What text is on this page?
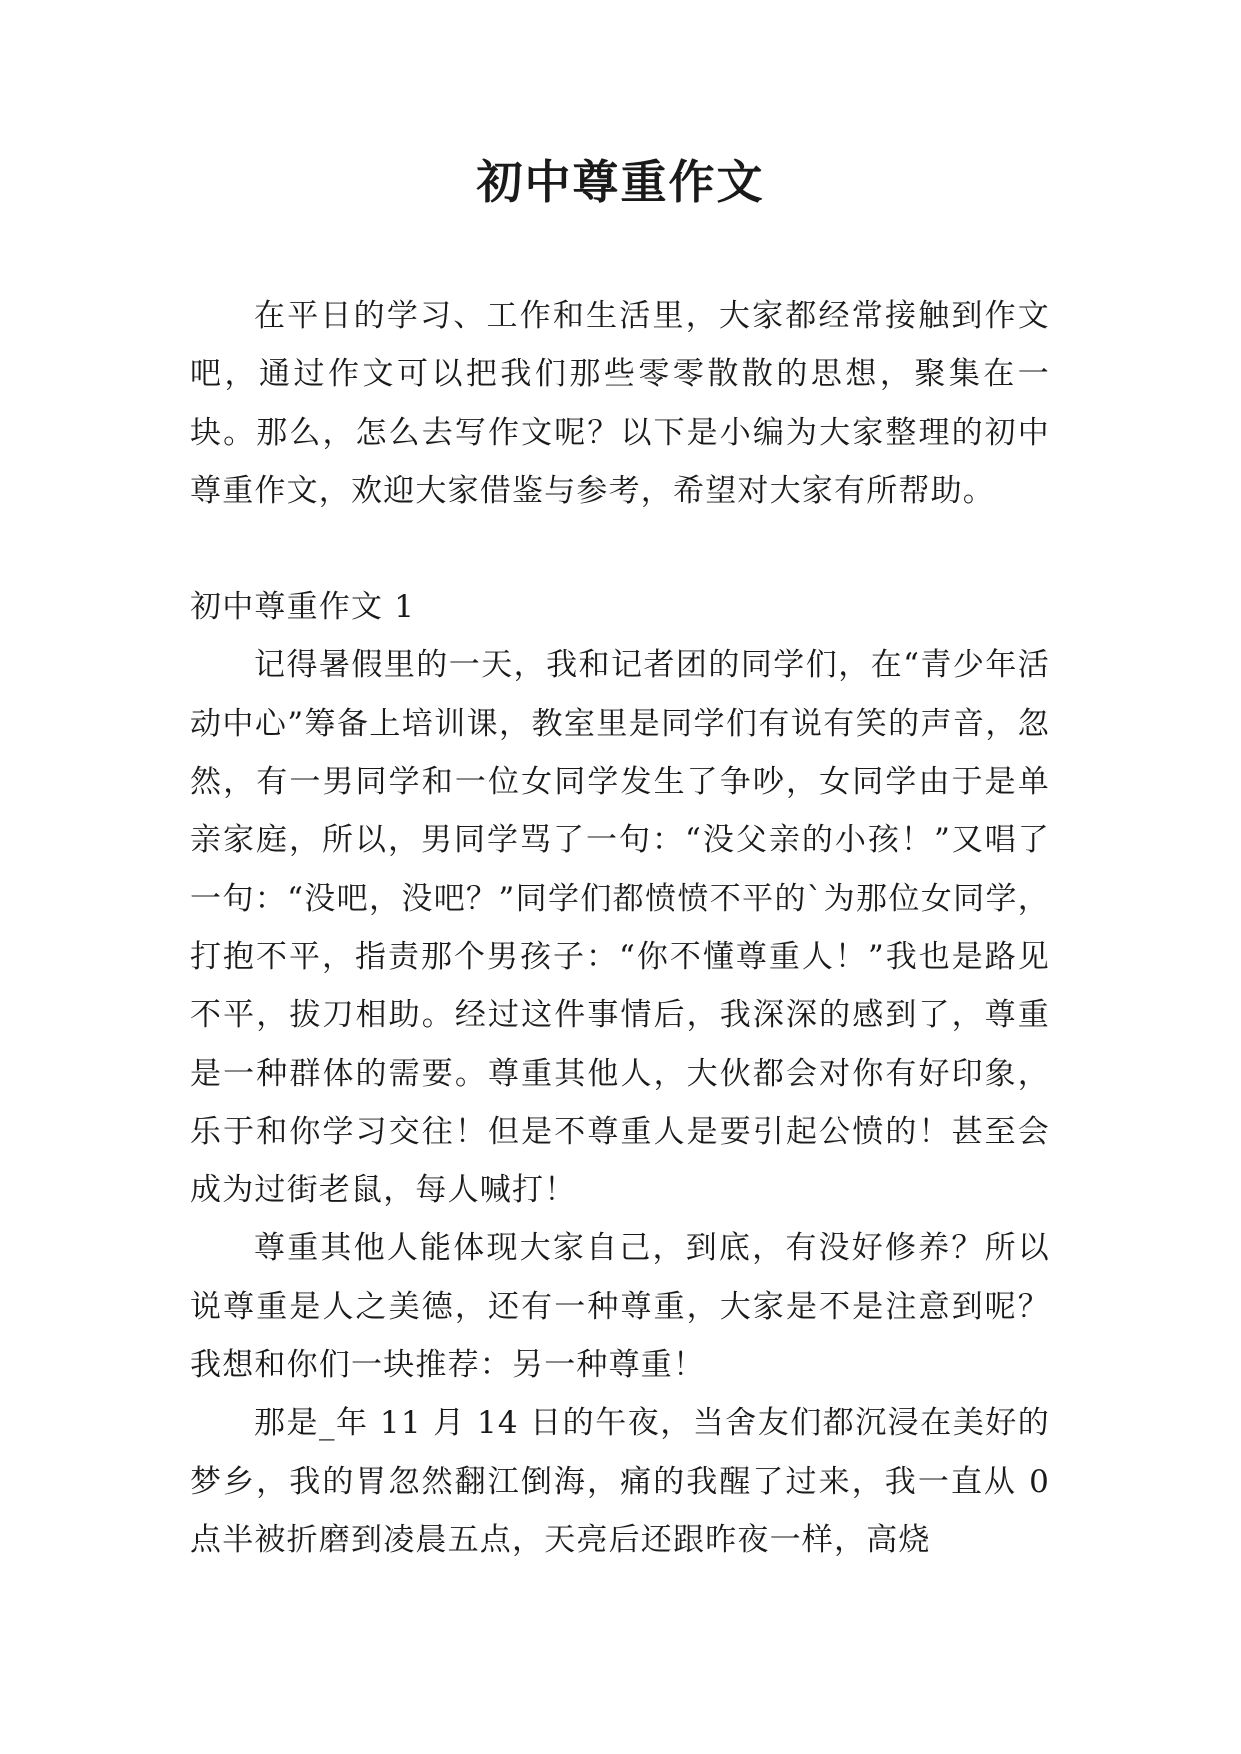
初中尊重作文

在平日的学习、工作和生活里，大家都经常接触到作文吧，通过作文可以把我们那些零零散散的思想，聚集在一块。那么，怎么去写作文呢？以下是小编为大家整理的初中尊重作文，欢迎大家借鉴与参考，希望对大家有所帮助。

初中尊重作文 1

记得暑假里的一天，我和记者团的同学们，在“青少年活动中心”筹备上培训课，教室里是同学们有说有笑的声音，忽然，有一男同学和一位女同学发生了争吵，女同学由于是单亲家庭，所以，男同学骂了一句：“没父亲的小孩！”又唱了一句：“没吧，没吧？”同学们都愤愤不平的`为那位女同学，打抱不平，指责那个男孩子：“你不懂尊重人！”我也是路见不平，拔刀相助。经过这件事情后，我深深的感到了，尊重是一种群体的需要。尊重其他人，大伙都会对你有好印象，乐于和你学习交往！但是不尊重人是要引起公愤的！甚至会成为过街老鼠，每人喊打！

尊重其他人能体现大家自己，到底，有没好修养？所以说尊重是人之美德，还有一种尊重，大家是不是注意到呢？我想和你们一块推荐：另一种尊重！

那是_年 11 月 14 日的午夜，当舍友们都沉浸在美好的梦乡，我的胃忽然翻江倒海，痛的我醒了过来，我一直从 0点半被折磨到凌晨五点，天亮后还跟昨夜一样，高烧
